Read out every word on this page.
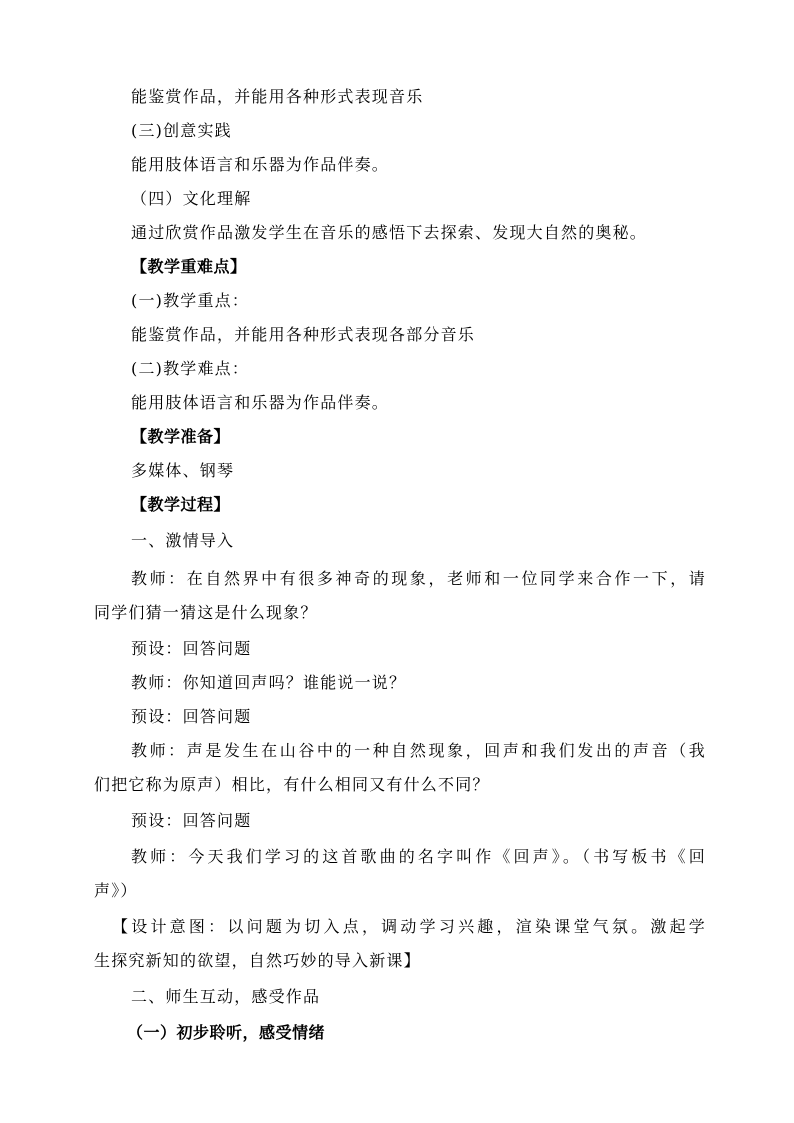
能鉴赏作品，并能用各种形式表现音乐
(三)创意实践
能用肢体语言和乐器为作品伴奏。
（四）文化理解
通过欣赏作品激发学生在音乐的感悟下去探索、发现大自然的奥秘。
【教学重难点】
(一)教学重点：
能鉴赏作品，并能用各种形式表现各部分音乐
(二)教学难点：
能用肢体语言和乐器为作品伴奏。
【教学准备】
多媒体、钢琴
【教学过程】
一、激情导入
教师：在自然界中有很多神奇的现象，老师和一位同学来合作一下，请
同学们猜一猜这是什么现象？
预设：回答问题
教师：你知道回声吗？谁能说一说？
预设：回答问题
教师：声是发生在山谷中的一种自然现象，回声和我们发出的声音（我
们把它称为原声）相比，有什么相同又有什么不同？
预设：回答问题
教师：今天我们学习的这首歌曲的名字叫作《回声》。（书写板书《回
声》）
【设计意图：以问题为切入点，调动学习兴趣，渲染课堂气氛。激起学
生探究新知的欲望，自然巧妙的导入新课】
二、师生互动，感受作品
（一）初步聆听，感受情绪
